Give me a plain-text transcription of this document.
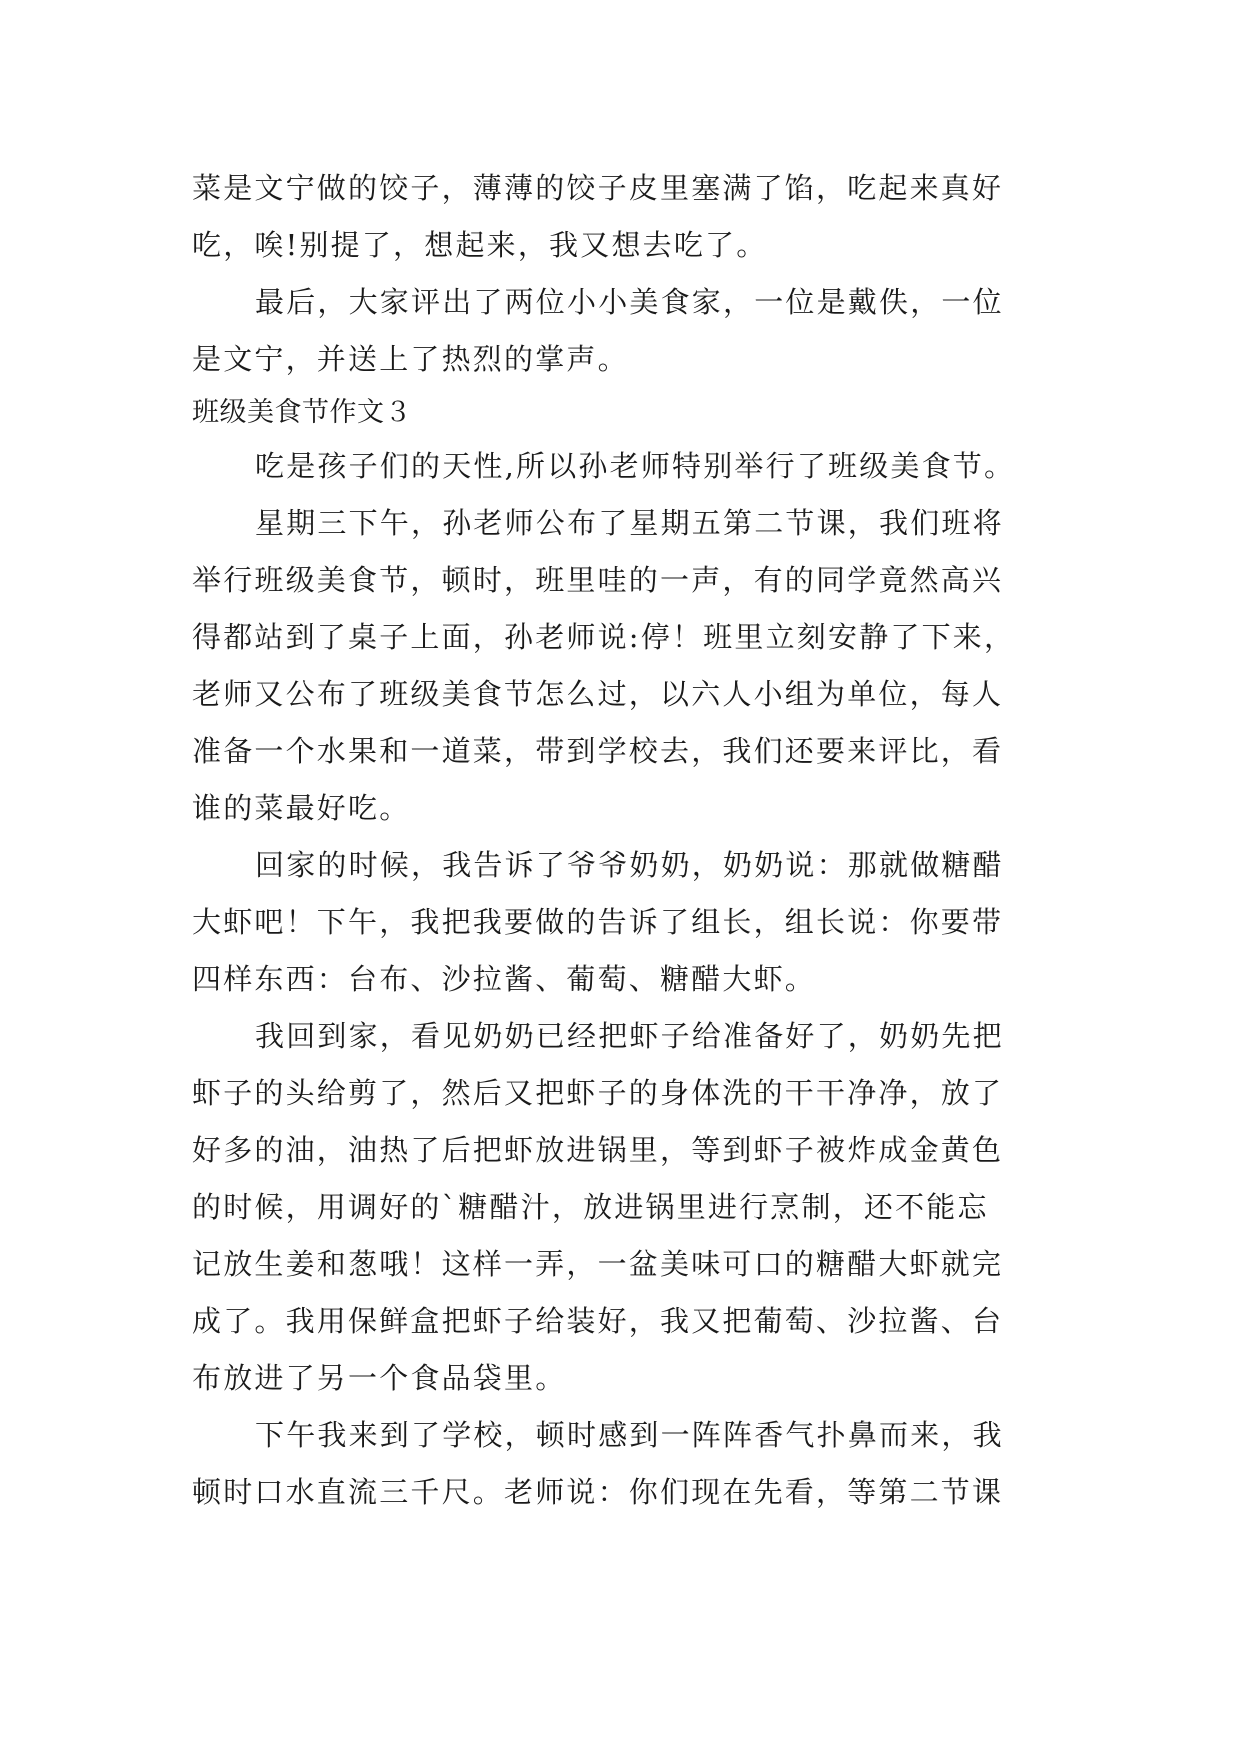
菜是文宁做的饺子，薄薄的饺子皮里塞满了馅，吃起来真好
吃，唉!别提了，想起来，我又想去吃了。
最后，大家评出了两位小小美食家，一位是戴佚，一位
是文宁，并送上了热烈的掌声。
班级美食节作文３
吃是孩子们的天性,所以孙老师特别举行了班级美食节。
星期三下午，孙老师公布了星期五第二节课，我们班将
举行班级美食节，顿时，班里哇的一声，有的同学竟然高兴
得都站到了桌子上面，孙老师说:停！班里立刻安静了下来，
老师又公布了班级美食节怎么过，以六人小组为单位，每人
准备一个水果和一道菜，带到学校去，我们还要来评比，看
谁的菜最好吃。
回家的时候，我告诉了爷爷奶奶，奶奶说：那就做糖醋
大虾吧！下午，我把我要做的告诉了组长，组长说：你要带
四样东西：台布、沙拉酱、葡萄、糖醋大虾。
我回到家，看见奶奶已经把虾子给准备好了，奶奶先把
虾子的头给剪了，然后又把虾子的身体洗的干干净净，放了
好多的油，油热了后把虾放进锅里，等到虾子被炸成金黄色
的时候，用调好的`糖醋汁，放进锅里进行烹制，还不能忘
记放生姜和葱哦！这样一弄，一盆美味可口的糖醋大虾就完
成了。我用保鲜盒把虾子给装好，我又把葡萄、沙拉酱、台
布放进了另一个食品袋里。
下午我来到了学校，顿时感到一阵阵香气扑鼻而来，我
顿时口水直流三千尺。老师说：你们现在先看，等第二节课
